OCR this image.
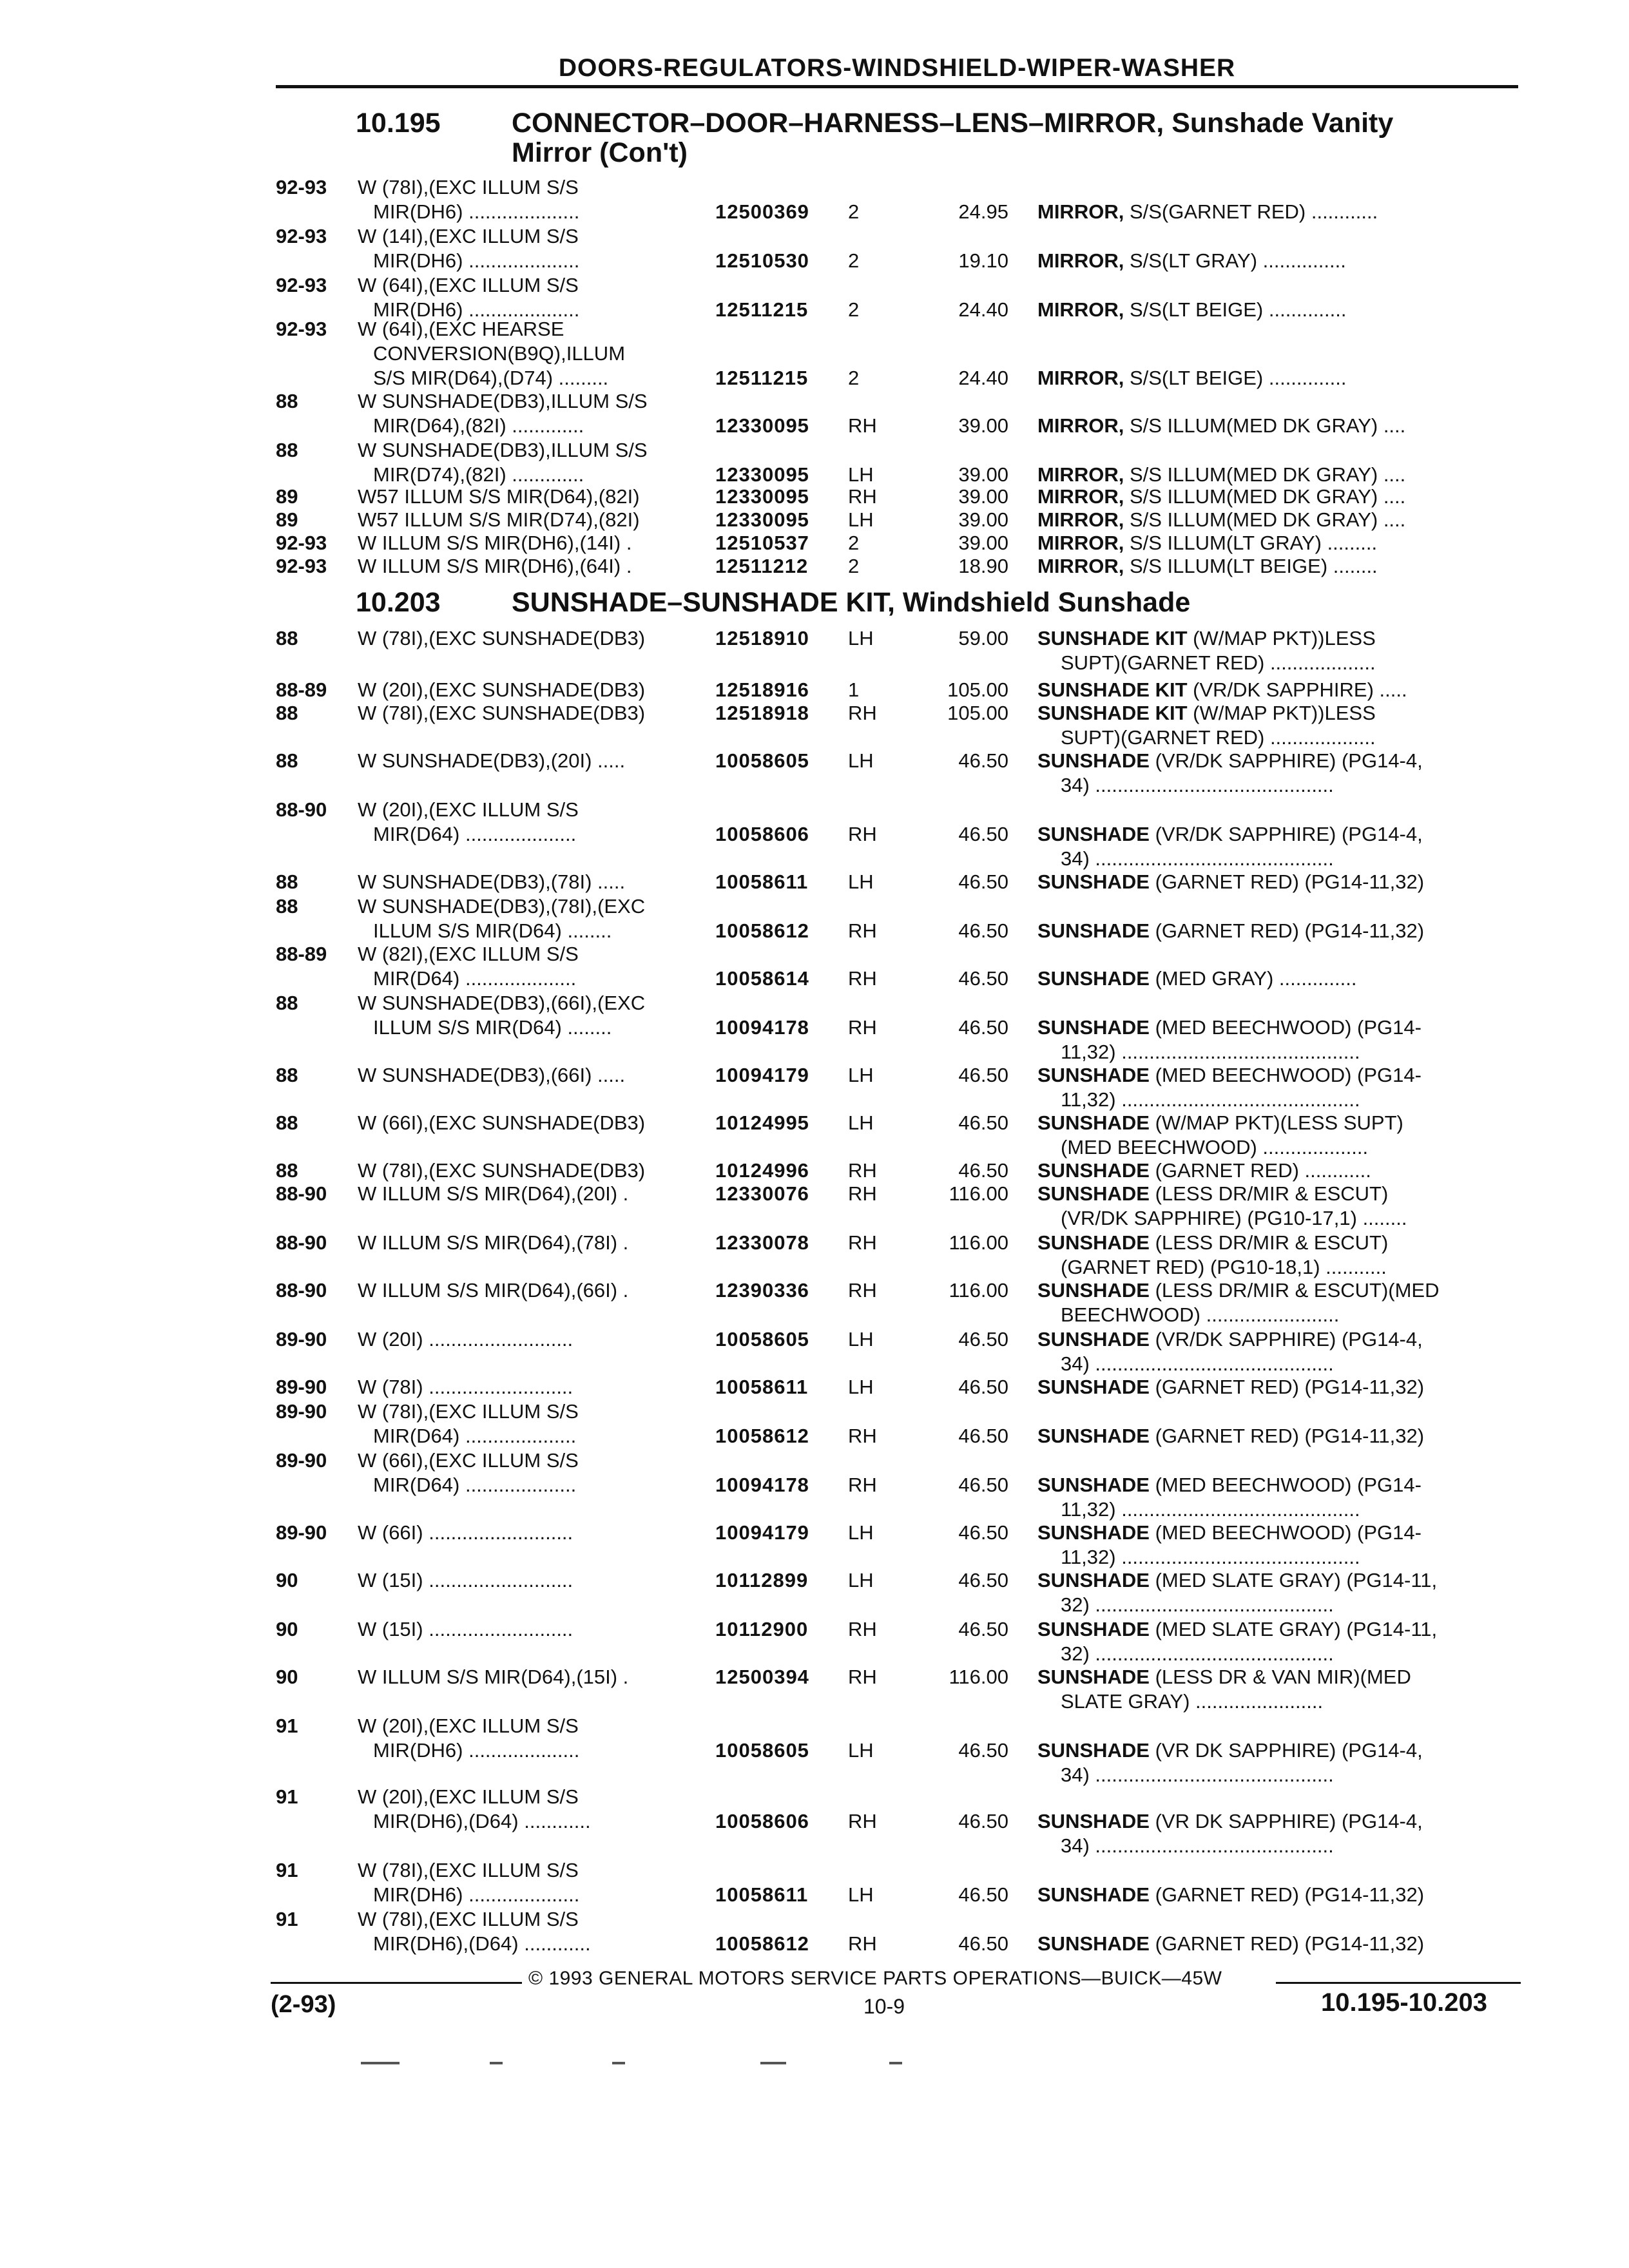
DOORS-REGULATORS-WINDSHIELD-WIPER-WASHER
10.195	CONNECTOR–DOOR–HARNESS–LENS–MIRROR, Sunshade Vanity
Mirror (Con't)
92-93 W (78I),(EXC ILLUM S/S
MIR(DH6) ....................	12500369 2	24.95 MIRROR, S/S(GARNET RED) ............
92-93 W (14I),(EXC ILLUM S/S
MIR(DH6) ....................	12510530 2	19.10 MIRROR, S/S(LT GRAY) ...............
92-93 W (64I),(EXC ILLUM S/S
MIR(DH6) ....................	12511215 2	24.40 MIRROR, S/S(LT BEIGE) ..............
92-93 W (64I),(EXC HEARSE
CONVERSION(B9Q),ILLUM
S/S MIR(D64),(D74) .........	12511215 2	24.40 MIRROR, S/S(LT BEIGE) ..............
88	W SUNSHADE(DB3),ILLUM S/S
MIR(D64),(82I) .............	12330095 RH	39.00 MIRROR, S/S ILLUM(MED DK GRAY) ....
88	W SUNSHADE(DB3),ILLUM S/S
MIR(D74),(82I) .............	12330095 LH	39.00 MIRROR, S/S ILLUM(MED DK GRAY) ....
89	W57 ILLUM S/S MIR(D64),(82I)	12330095 RH	39.00 MIRROR, S/S ILLUM(MED DK GRAY) ....
89	W57 ILLUM S/S MIR(D74),(82I)	12330095 LH	39.00 MIRROR, S/S ILLUM(MED DK GRAY) ....
92-93 W ILLUM S/S MIR(DH6),(14I) .	12510537 2	39.00 MIRROR, S/S ILLUM(LT GRAY) .........
92-93 W ILLUM S/S MIR(DH6),(64I) .	12511212 2	18.90 MIRROR, S/S ILLUM(LT BEIGE) ........
10.203	SUNSHADE–SUNSHADE KIT, Windshield Sunshade
88	W (78I),(EXC SUNSHADE(DB3)	12518910 LH	59.00 SUNSHADE KIT (W/MAP PKT))LESS
SUPT)(GARNET RED) ...................
88-89 W (20I),(EXC SUNSHADE(DB3)	12518916 1	105.00 SUNSHADE KIT (VR/DK SAPPHIRE) .....
88	W (78I),(EXC SUNSHADE(DB3)	12518918 RH	105.00 SUNSHADE KIT (W/MAP PKT))LESS
SUPT)(GARNET RED) ...................
88	W SUNSHADE(DB3),(20I) .....	10058605 LH	46.50 SUNSHADE (VR/DK SAPPHIRE) (PG14-4,
34) ...........................................
88-90 W (20I),(EXC ILLUM S/S
MIR(D64) ....................	10058606 RH	46.50 SUNSHADE (VR/DK SAPPHIRE) (PG14-4,
34) ...........................................
88	W SUNSHADE(DB3),(78I) .....	10058611 LH	46.50 SUNSHADE (GARNET RED) (PG14-11,32)
88	W SUNSHADE(DB3),(78I),(EXC
ILLUM S/S MIR(D64) ........	10058612 RH	46.50 SUNSHADE (GARNET RED) (PG14-11,32)
88-89 W (82I),(EXC ILLUM S/S
MIR(D64) ....................	10058614 RH	46.50 SUNSHADE (MED GRAY) ..............
88	W SUNSHADE(DB3),(66I),(EXC
ILLUM S/S MIR(D64) ........	10094178 RH	46.50 SUNSHADE (MED BEECHWOOD) (PG14-
11,32) ...........................................
88	W SUNSHADE(DB3),(66I) .....	10094179 LH	46.50 SUNSHADE (MED BEECHWOOD) (PG14-
11,32) ...........................................
88	W (66I),(EXC SUNSHADE(DB3)	10124995 LH	46.50 SUNSHADE (W/MAP PKT)(LESS SUPT)
(MED BEECHWOOD) ...................
88	W (78I),(EXC SUNSHADE(DB3)	10124996 RH	46.50 SUNSHADE (GARNET RED) ............
88-90 W ILLUM S/S MIR(D64),(20I) .	12330076 RH	116.00 SUNSHADE (LESS DR/MIR & ESCUT)
(VR/DK SAPPHIRE) (PG10-17,1) ........
88-90 W ILLUM S/S MIR(D64),(78I) .	12330078 RH	116.00 SUNSHADE (LESS DR/MIR & ESCUT)
(GARNET RED) (PG10-18,1) ...........
88-90 W ILLUM S/S MIR(D64),(66I) .	12390336 RH	116.00 SUNSHADE (LESS DR/MIR & ESCUT)(MED
BEECHWOOD) ........................
89-90 W (20I) ..........................	10058605 LH	46.50 SUNSHADE (VR/DK SAPPHIRE) (PG14-4,
34) ...........................................
89-90 W (78I) ..........................	10058611 LH	46.50 SUNSHADE (GARNET RED) (PG14-11,32)
89-90 W (78I),(EXC ILLUM S/S
MIR(D64) ....................	10058612 RH	46.50 SUNSHADE (GARNET RED) (PG14-11,32)
89-90 W (66I),(EXC ILLUM S/S
MIR(D64) ....................	10094178 RH	46.50 SUNSHADE (MED BEECHWOOD) (PG14-
11,32) ...........................................
89-90 W (66I) ..........................	10094179 LH	46.50 SUNSHADE (MED BEECHWOOD) (PG14-
11,32) ...........................................
90	W (15I) ..........................	10112899 LH	46.50 SUNSHADE (MED SLATE GRAY) (PG14-11,
32) ...........................................
90	W (15I) ..........................	10112900 RH	46.50 SUNSHADE (MED SLATE GRAY) (PG14-11,
32) ...........................................
90	W ILLUM S/S MIR(D64),(15I) .	12500394 RH	116.00 SUNSHADE (LESS DR & VAN MIR)(MED
SLATE GRAY) .......................
91	W (20I),(EXC ILLUM S/S
MIR(DH6) ....................	10058605 LH	46.50 SUNSHADE (VR DK SAPPHIRE) (PG14-4,
34) ...........................................
91	W (20I),(EXC ILLUM S/S
MIR(DH6),(D64) ............	10058606 RH	46.50 SUNSHADE (VR DK SAPPHIRE) (PG14-4,
34) ...........................................
91	W (78I),(EXC ILLUM S/S
MIR(DH6) ....................	10058611 LH	46.50 SUNSHADE (GARNET RED) (PG14-11,32)
91	W (78I),(EXC ILLUM S/S
MIR(DH6),(D64) ............	10058612 RH	46.50 SUNSHADE (GARNET RED) (PG14-11,32)
© 1993 GENERAL MOTORS SERVICE PARTS OPERATIONS—BUICK—45W
(2-93)	10-9	10.195-10.203
